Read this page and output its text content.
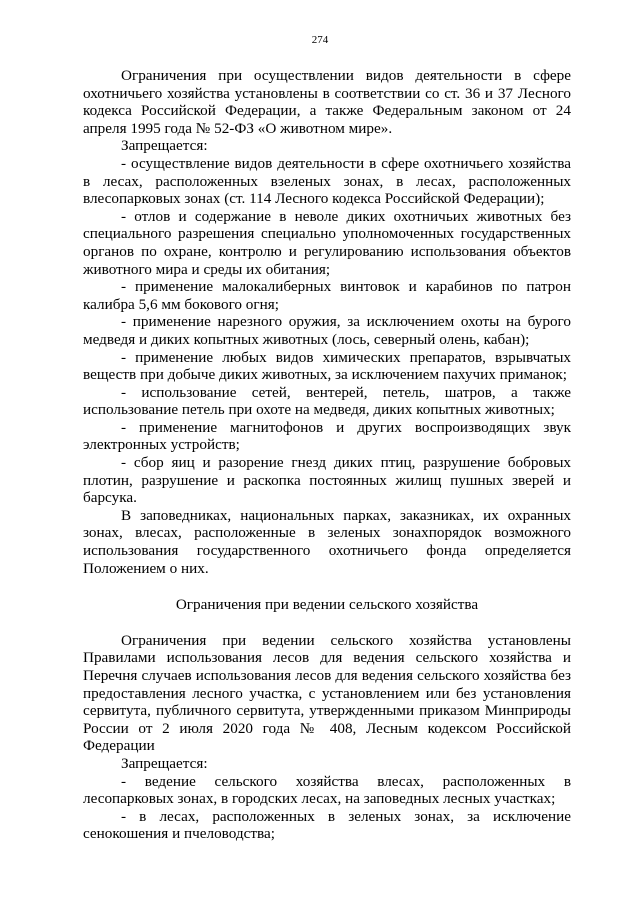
274

Ограничения при осуществлении видов деятельности в сфере охотничьего хозяйства установлены в соответствии со ст. 36 и 37 Лесного кодекса Российской Федерации, а также Федеральным законом от 24 апреля 1995 года № 52-ФЗ «О животном мире».

Запрещается:

- осуществление видов деятельности в сфере охотничьего хозяйства в лесах, расположенных взеленых зонах, в лесах, расположенных влесопарковых зонах (ст. 114 Лесного кодекса Российской Федерации);

- отлов и содержание в неволе диких охотничьих животных без специального разрешения специально уполномоченных государственных органов по охране, контролю и регулированию использования объектов животного мира и среды их обитания;

- применение малокалиберных винтовок и карабинов по патрон калибра 5,6 мм бокового огня;

- применение нарезного оружия, за исключением охоты на бурого медведя и диких копытных животных (лось, северный олень, кабан);

- применение любых видов химических препаратов, взрывчатых веществ при добыче диких животных, за исключением пахучих приманок;

- использование сетей, вентерей, петель, шатров, а также использование петель при охоте на медведя, диких копытных животных;

- применение магнитофонов и других воспроизводящих звук электронных устройств;

- сбор яиц и разорение гнезд диких птиц, разрушение бобровых плотин, разрушение и раскопка постоянных жилищ пушных зверей и барсука.

В заповедниках, национальных парках, заказниках, их охранных зонах, влесах, расположенные в зеленых зонахпорядок возможного использования государственного охотничьего фонда определяется Положением о них.

Ограничения при ведении сельского хозяйства

Ограничения при ведении сельского хозяйства установлены Правилами использования лесов для ведения сельского хозяйства и Перечня случаев использования лесов для ведения сельского хозяйства без предоставления лесного участка, с установлением или без установления сервитута, публичного сервитута, утвержденными приказом Минприроды России от 2 июля 2020 года № 408, Лесным кодексом Российской Федерации

Запрещается:

- ведение сельского хозяйства влесах, расположенных в лесопарковых зонах, в городских лесах, на заповедных лесных участках;

- в лесах, расположенных в зеленых зонах, за исключение сенокошения и пчеловодства;
